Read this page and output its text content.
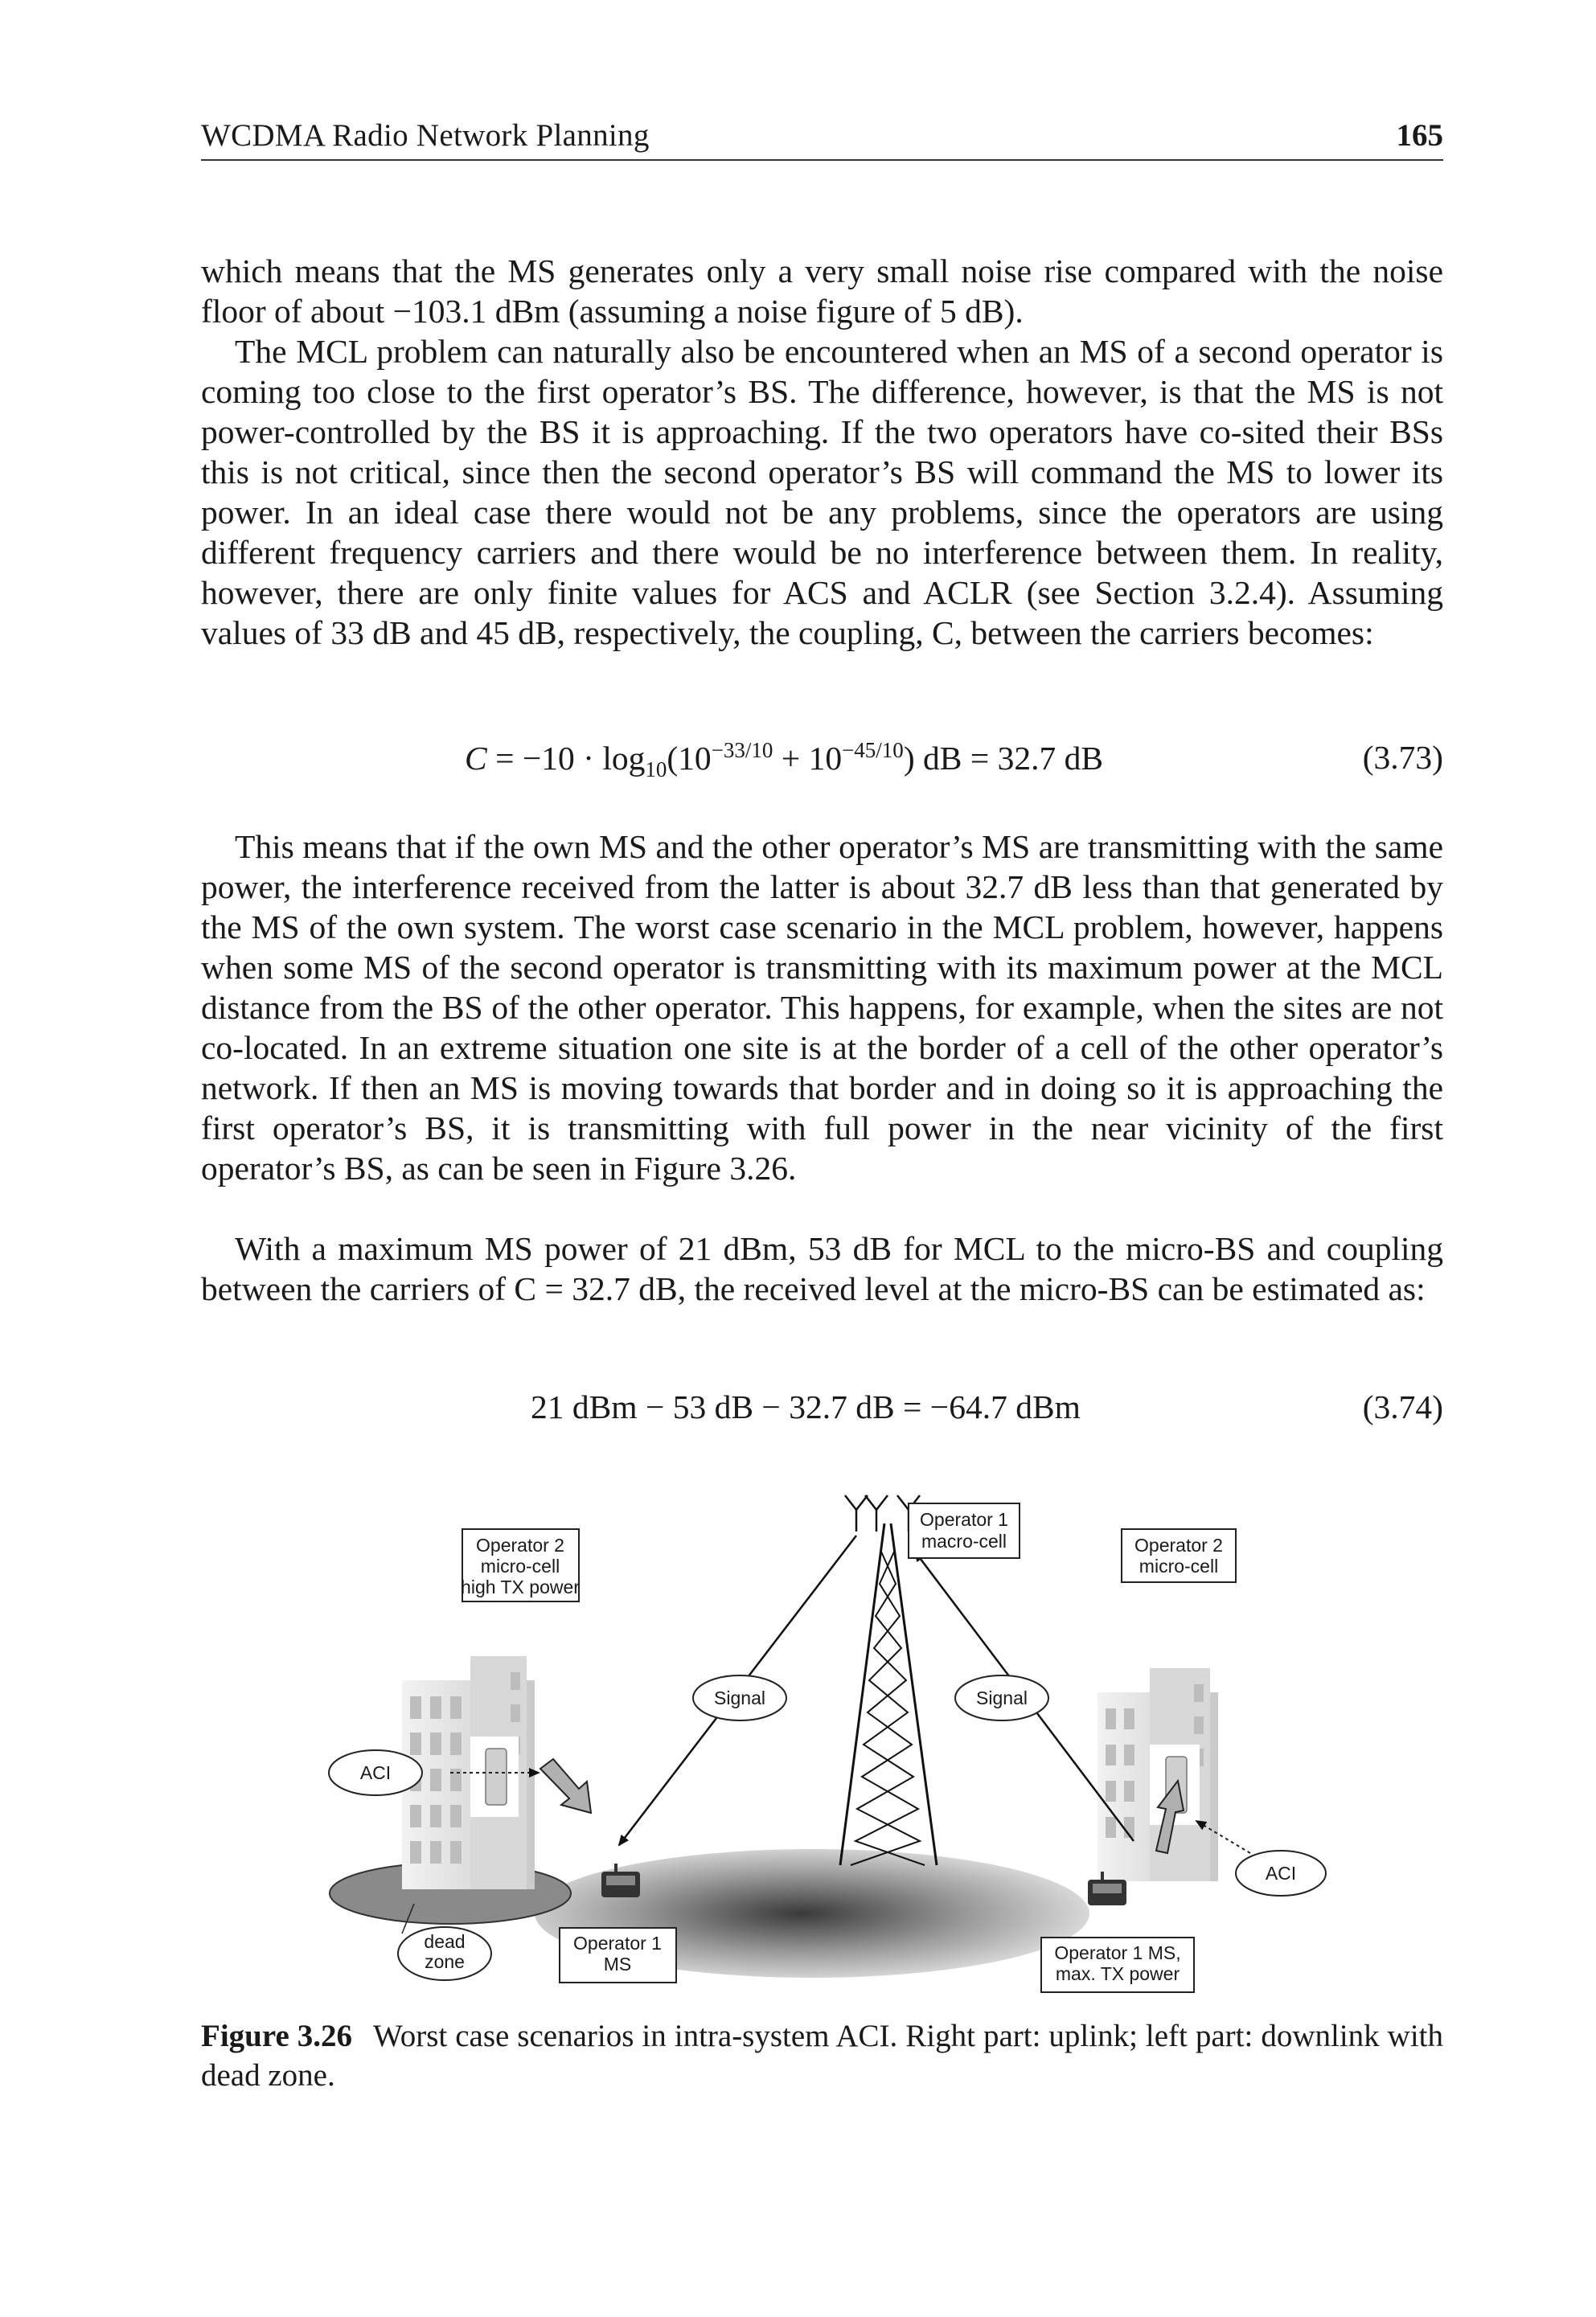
WCDMA Radio Network Planning	165

which means that the MS generates only a very small noise rise compared with the noise floor of about −103.1 dBm (assuming a noise figure of 5 dB).

The MCL problem can naturally also be encountered when an MS of a second operator is coming too close to the first operator’s BS. The difference, however, is that the MS is not power-controlled by the BS it is approaching. If the two operators have co-sited their BSs this is not critical, since then the second operator’s BS will command the MS to lower its power. In an ideal case there would not be any problems, since the operators are using different frequency carriers and there would be no interference between them. In reality, however, there are only finite values for ACS and ACLR (see Section 3.2.4). Assuming values of 33 dB and 45 dB, respectively, the coupling, C, between the carriers becomes:

$C = -10 \cdot \log_{10}(10^{-33/10} + 10^{-45/10})$ dB = 32.7 dB	(3.73)

This means that if the own MS and the other operator’s MS are transmitting with the same power, the interference received from the latter is about 32.7 dB less than that generated by the MS of the own system. The worst case scenario in the MCL problem, however, happens when some MS of the second operator is transmitting with its maximum power at the MCL distance from the BS of the other operator. This happens, for example, when the sites are not co-located. In an extreme situation one site is at the border of a cell of the other operator’s network. If then an MS is moving towards that border and in doing so it is approaching the first operator’s BS, it is transmitting with full power in the near vicinity of the first operator’s BS, as can be seen in Figure 3.26.

With a maximum MS power of 21 dBm, 53 dB for MCL to the micro-BS and coupling between the carriers of C = 32.7 dB, the received level at the micro-BS can be estimated as:

21 dBm − 53 dB − 32.7 dB = −64.7 dBm	(3.74)
Operator 1
macro-cell
Operator 2
micro-cell
high TX power
Operator 2
micro-cell
Signal	Signal
ACI
ACI
dead
zone
Operator 1
MS
Operator 1 MS,
max. TX power

Figure 3.26 Worst case scenarios in intra-system ACI. Right part: uplink; left part: downlink with dead zone.
